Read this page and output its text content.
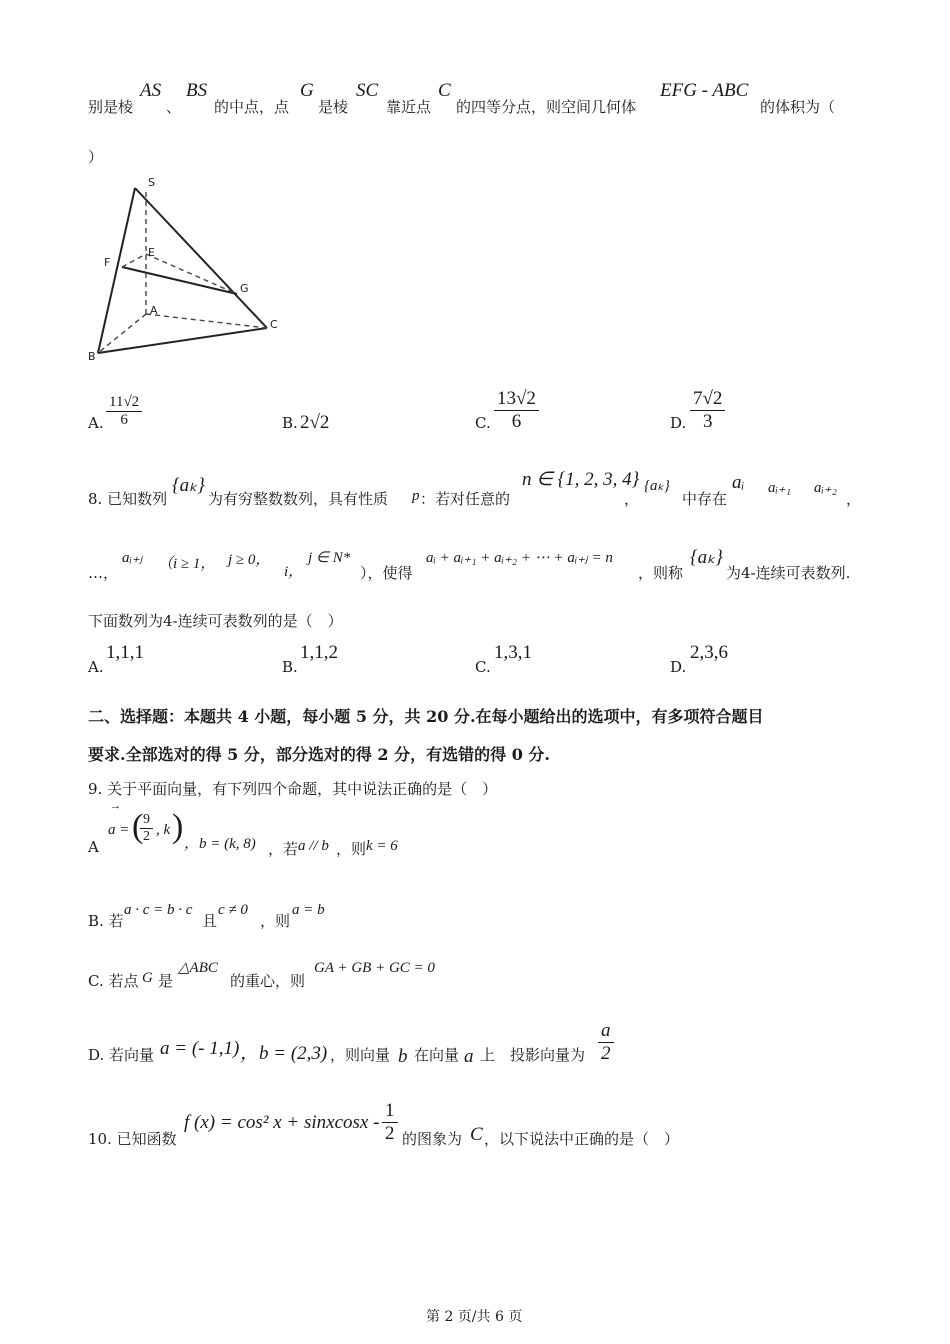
别是棱
AS
、
BS
的中点，点
G
是棱
SC
靠近点
C
的四等分点，则空间几何体
EFG - ABC
的体积为（
）
S
E
F
G
A
B
C
A. $\frac{11√2}{6}$	B. 2√2	C. $\frac{13√2}{6}$	D. $\frac{7√2}{3}$
8. 已知数列
{aₖ}
为有穷整数数列，具有性质 p ：若对任意的
n ∈ {1, 2, 3, 4}
，
{aₖ}
中存在
aᵢ aᵢ₊₁ aᵢ₊₂
，
…，
aᵢ₊ⱼ （i ≥ 1， j ≥ 0，
i，
j ∈ N*
），使得
aᵢ + aᵢ₊₁ + aᵢ₊₂ + ⋯ + aᵢ₊ⱼ = n
，则称
{aₖ}
为4-连续可表数列.
下面数列为4-连续可表数列的是（　）
A.
1,1,1
B.
1,1,2
C.
1,3,1
D.
2,3,6
二、选择题：本题共 4 小题，每小题 5 分，共 20 分.在每小题给出的选项中，有多项符合题目
要求.全部选对的得 5 分，部分选对的得 2 分，有选错的得 0 分.
9. 关于平面向量，有下列四个命题，其中说法正确的是（　）
A
→
a = (
$\frac{9}{2}$ , k ) ，b = (k, 8) ，若 a // b ，则 k = 6
B. 若
a · c = b · c
且
c ≠ 0
，则
a = b
C. 若点 G 是
△ABC
的重心，则
GA + GB + GC = 0
D. 若向量 a = (- 1,1) ，b = (2,3) ，则向量 b 在向量 a 上　投影向量为 $\frac{a}{2}$
10. 已知函数
f (x) = cos² x + sinxcosx - $\frac{1}{2}$ 的图象为 C ，以下说法中正确的是（　）
第 2 页/共 6 页
